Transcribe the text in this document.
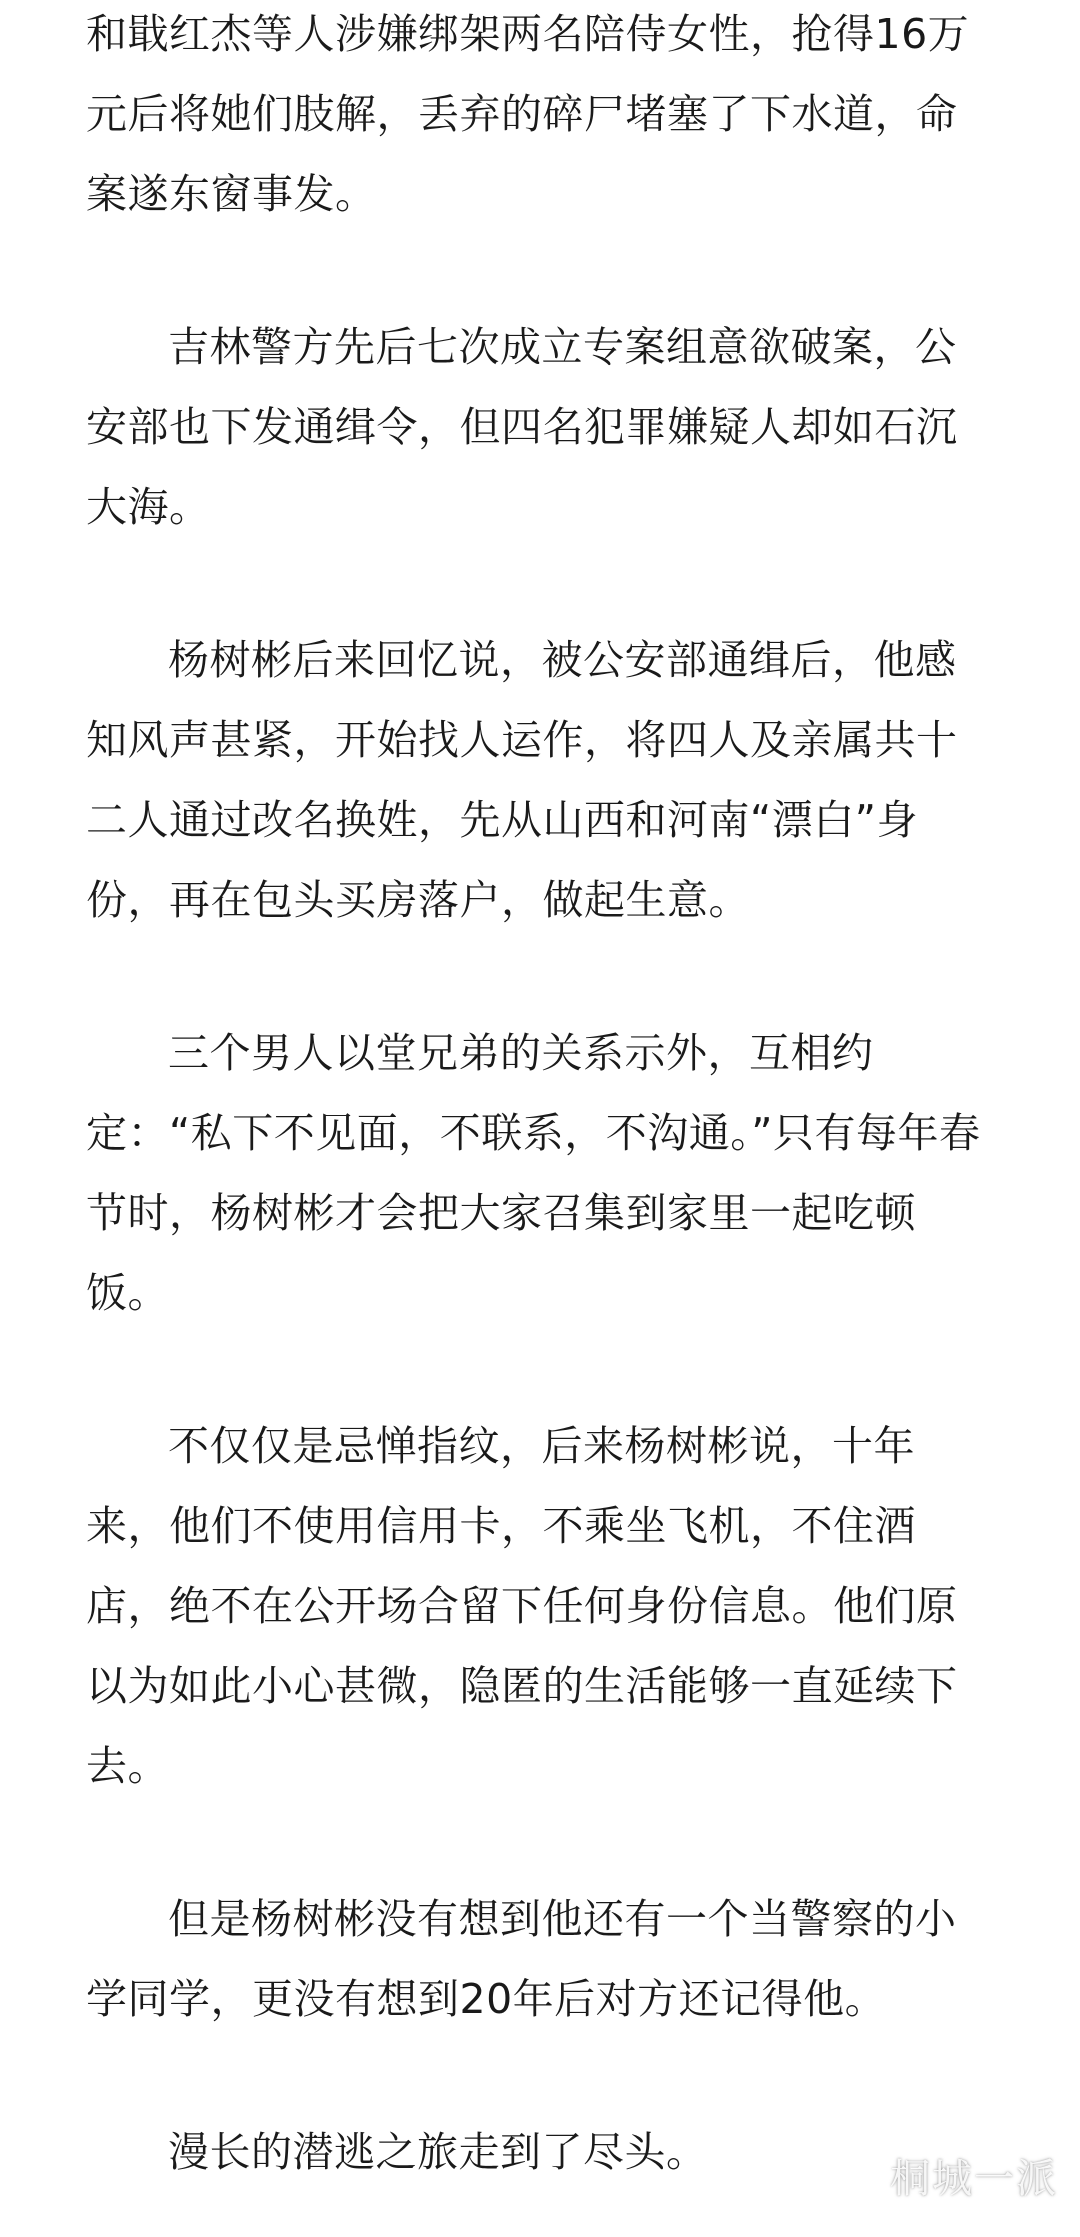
和戢红杰等人涉嫌绑架两名陪侍女性，抢得16万元后将她们肢解，丢弃的碎尸堵塞了下水道，命案遂东窗事发。

吉林警方先后七次成立专案组意欲破案，公安部也下发通缉令，但四名犯罪嫌疑人却如石沉大海。

杨树彬后来回忆说，被公安部通缉后，他感知风声甚紧，开始找人运作，将四人及亲属共十二人通过改名换姓，先从山西和河南“漂白”身份，再在包头买房落户，做起生意。

三个男人以堂兄弟的关系示外，互相约定：“私下不见面，不联系，不沟通。”只有每年春节时，杨树彬才会把大家召集到家里一起吃顿饭。

不仅仅是忌惮指纹，后来杨树彬说，十年来，他们不使用信用卡，不乘坐飞机，不住酒店，绝不在公开场合留下任何身份信息。他们原以为如此小心甚微，隐匿的生活能够一直延续下去。

但是杨树彬没有想到他还有一个当警察的小学同学，更没有想到20年后对方还记得他。

漫长的潜逃之旅走到了尽头。

桐城一派
